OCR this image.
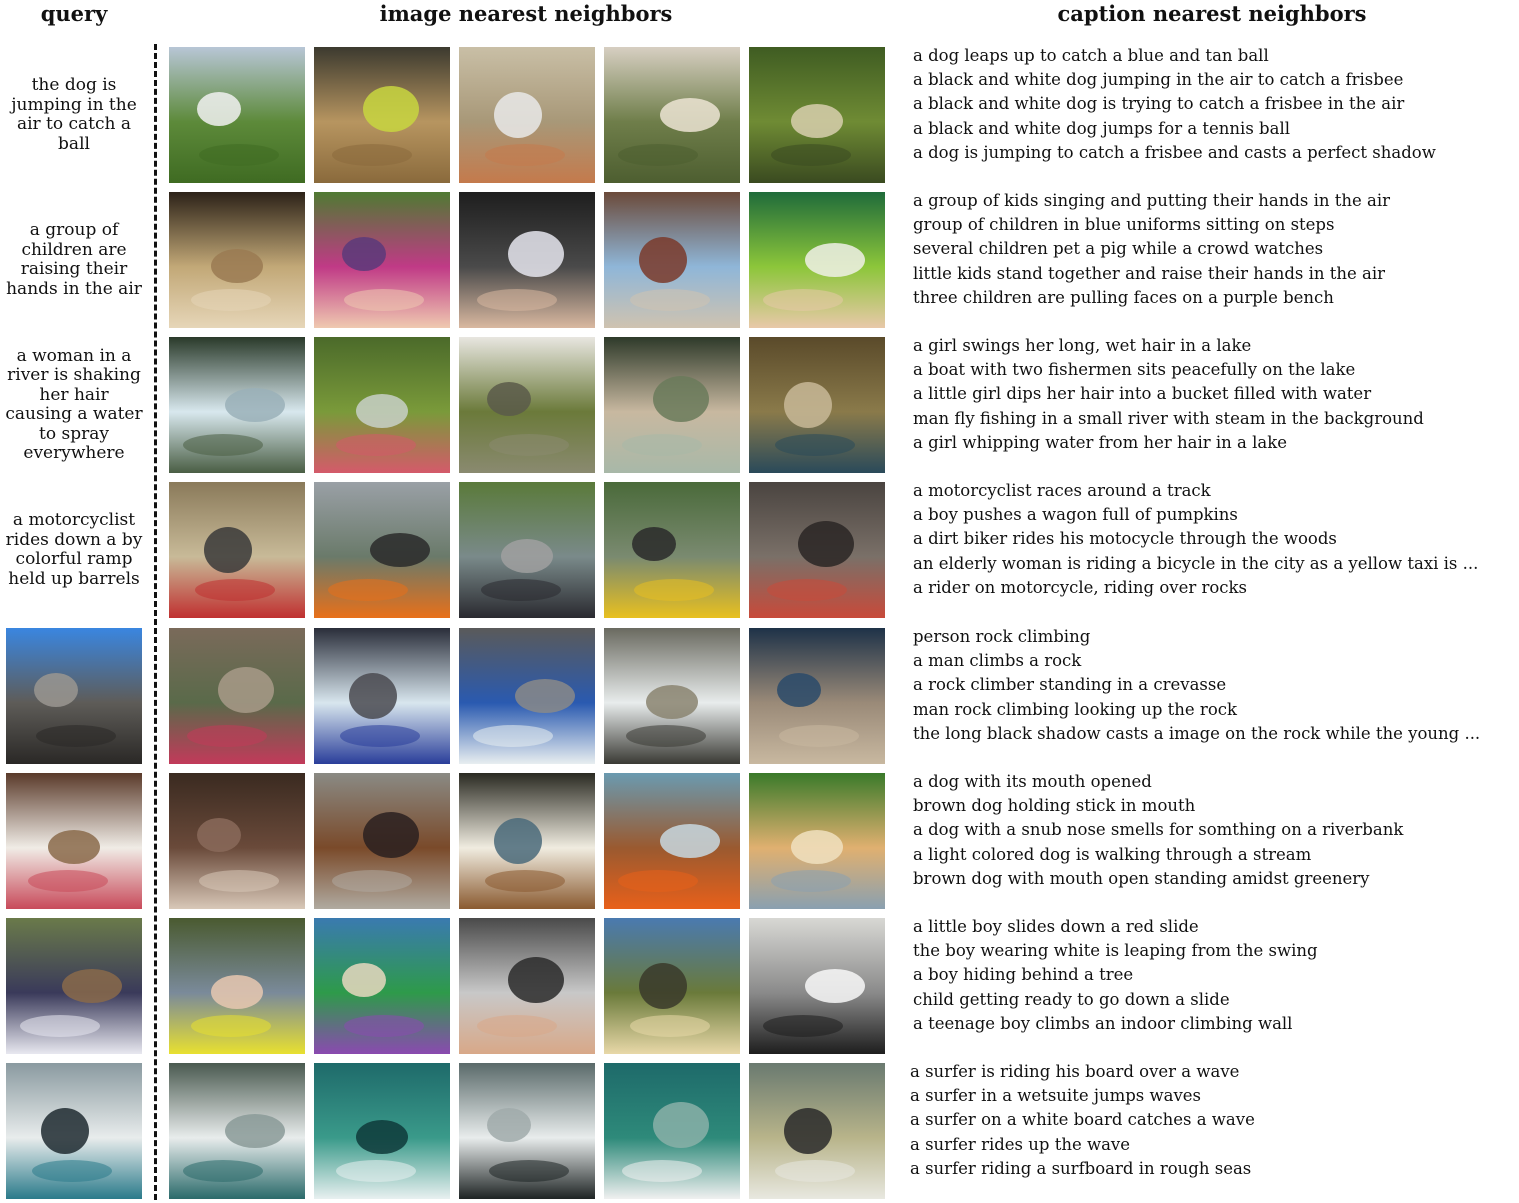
query	image nearest neighbors	caption nearest neighbors
the dog is jumping in the air to catch a ball
a dog leaps up to catch a blue and tan ball
a black and white dog jumping in the air to catch a frisbee
a black and white dog is trying to catch a frisbee in the air
a black and white dog jumps for a tennis ball
a dog is jumping to catch a frisbee and casts a perfect shadow
a group of children are raising their hands in the air
a group of kids singing and putting their hands in the air
group of children in blue uniforms sitting on steps
several children pet a pig while a crowd watches
little kids stand together and raise their hands in the air
three children are pulling faces on a purple bench
a woman in a river is shaking her hair causing a water to spray everywhere
a girl swings her long, wet hair in a lake
a boat with two fishermen sits peacefully on the lake
a little girl dips her hair into a bucket filled with water
man fly fishing in a small river with steam in the background
a girl whipping water from her hair in a lake
a motorcyclist rides down a by colorful ramp held up barrels
a motorcyclist races around a track
a boy pushes a wagon full of pumpkins
a dirt biker rides his motocycle through the woods
an elderly woman is riding a bicycle in the city as a yellow taxi is ...
a rider on motorcycle, riding over rocks
person rock climbing
a man climbs a rock
a rock climber standing in a crevasse
man rock climbing looking up the rock
the long black shadow casts a image on the rock while the young ...
a dog with its mouth opened
brown dog holding stick in mouth
a dog with a snub nose smells for somthing on a riverbank
a light colored dog is walking through a stream
brown dog with mouth open standing amidst greenery
a little boy slides down a red slide
the boy wearing white is leaping from the swing
a boy hiding behind a tree
child getting ready to go down a slide
a teenage boy climbs an indoor climbing wall
a surfer is riding his board over a wave
a surfer in a wetsuite jumps waves
a surfer on a white board catches a wave
a surfer rides up the wave
a surfer riding a surfboard in rough seas
